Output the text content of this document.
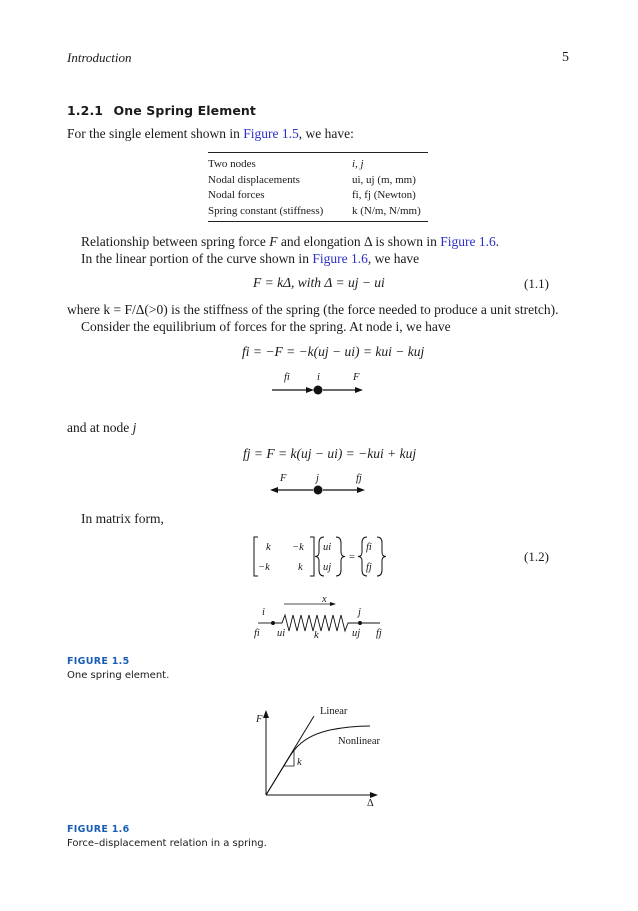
Introduction	5
1.2.1 One Spring Element
For the single element shown in Figure 1.5, we have:
Two nodes	i, j
Nodal displacements	ui, uj (m, mm)
Nodal forces	fi, fj (Newton)
Spring constant (stiffness)	k (N/m, N/mm)
Relationship between spring force F and elongation Δ is shown in Figure 1.6.
In the linear portion of the curve shown in Figure 1.6, we have
F = kΔ, with Δ = uj − ui	(1.1)
where k = F/Δ(>0) is the stiffness of the spring (the force needed to produce a unit stretch).
Consider the equilibrium of forces for the spring. At node i, we have
fi = −F = −k(uj − ui) = kui − kuj
fi	i	F
and at node j
fj = F = k(uj − ui) = −kui + kuj
F	j	fj
In matrix form,
k −k
−k	k
ui
uj
=
fi
fj
(1.2)
x
i	j
fi ui	k	uj fj
FIGURE 1.5
One spring element.
F
Δ
k
Linear
Nonlinear
FIGURE 1.6
Force–displacement relation in a spring.
